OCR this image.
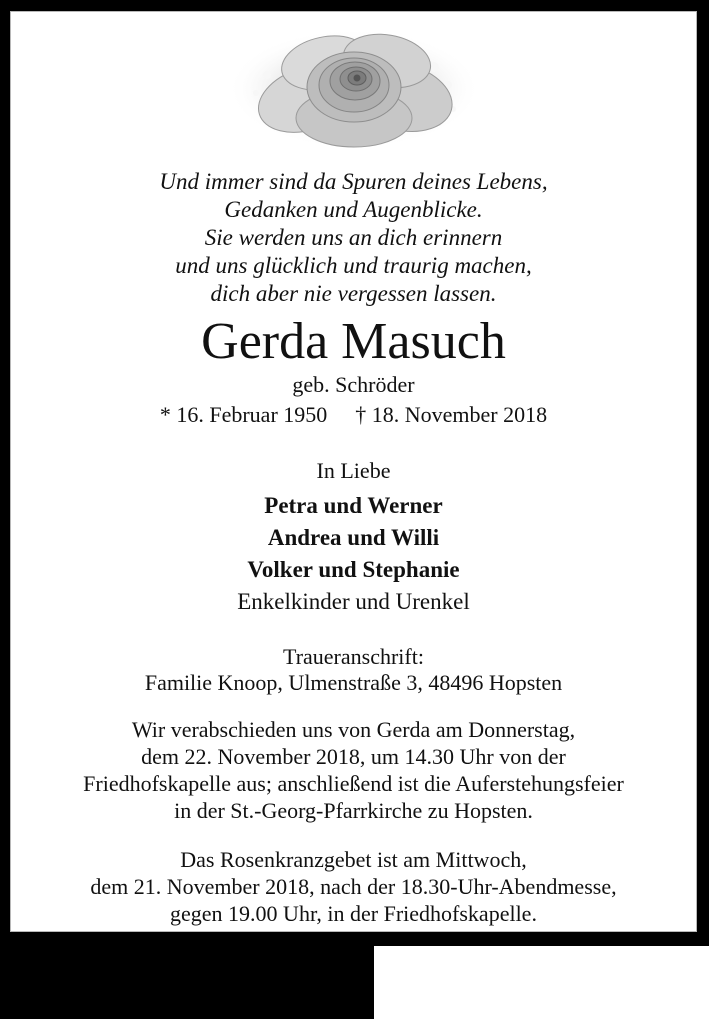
Und immer sind da Spuren deines Lebens,
Gedanken und Augenblicke.
Sie werden uns an dich erinnern
und uns glücklich und traurig machen,
dich aber nie vergessen lassen.
Gerda Masuch
geb. Schröder
* 16. Februar 1950 † 18. November 2018
In Liebe
Petra und Werner
Andrea und Willi
Volker und Stephanie
Enkelkinder und Urenkel
Traueranschrift:
Familie Knoop, Ulmenstraße 3, 48496 Hopsten
Wir verabschieden uns von Gerda am Donnerstag,
dem 22. November 2018, um 14.30 Uhr von der
Friedhofskapelle aus; anschließend ist die Auferstehungsfeier
in der St.-Georg-Pfarrkirche zu Hopsten.
Das Rosenkranzgebet ist am Mittwoch,
dem 21. November 2018, nach der 18.30-Uhr-Abendmesse,
gegen 19.00 Uhr, in der Friedhofskapelle.
